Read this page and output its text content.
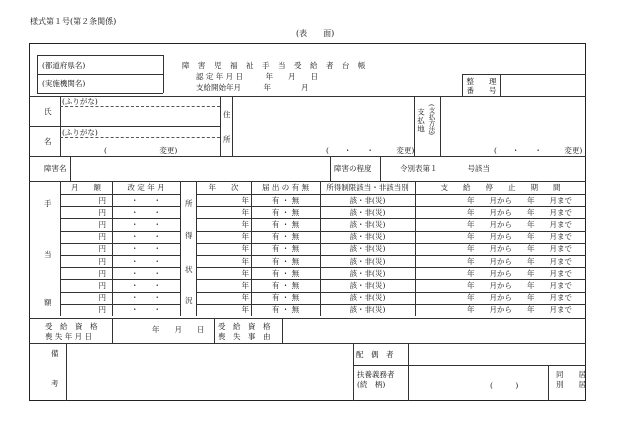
様式第１号(第２条関係)
(表　　面)
(都道府県名)
(実施機関名)
障　害　児　福　祉　手　当　受　給　者　台　帳
認 定 年 月 日　　　年　　月　　日
支給開始年月　　　年　　　　月
整　　理
番　　号
(ふりがな)
(ふりがな)
氏
名
(　　　　　　　変更)
住
所
(　　・　　・　　　変更)
支払地 (支払方法)
(　　・　　・　　　変更)
障害名	障害の程度	令別表第１　　　　号該当
月　　額	改 定 年 月	年　　次	届 出 の 有 無	所得制限該当・非該当別	支　　給　　停　　止　　期　　間
手
当
額
所
得
状
況
円	・　　・	年	有 ・ 無	該・非(災)	年　　月から　　年　　月まで
円	・　　・	年	有 ・ 無	該・非(災)	年　　月から　　年　　月まで
円	・　　・	年	有 ・ 無	該・非(災)	年　　月から　　年　　月まで
円	・　　・	年	有 ・ 無	該・非(災)	年　　月から　　年　　月まで
円	・　　・	年	有 ・ 無	該・非(災)	年　　月から　　年　　月まで
円	・　　・	年	有 ・ 無	該・非(災)	年　　月から　　年　　月まで
円	・　　・	年	有 ・ 無	該・非(災)	年　　月から　　年　　月まで
円	・　　・	年	有 ・ 無	該・非(災)	年　　月から　　年　　月まで
円	・　　・	年	有 ・ 無	該・非(災)	年　　月から　　年　　月まで
円	・　　・	年	有 ・ 無	該・非(災)	年　　月から　　年　　月まで
受　給　資　格
喪 失 年 月 日
年　　月　　日 受　給　資　格
喪　失　事　由
備
考
配　偶　者
扶養義務者
(続　柄)	(　　　)
同　　居
別　　居
